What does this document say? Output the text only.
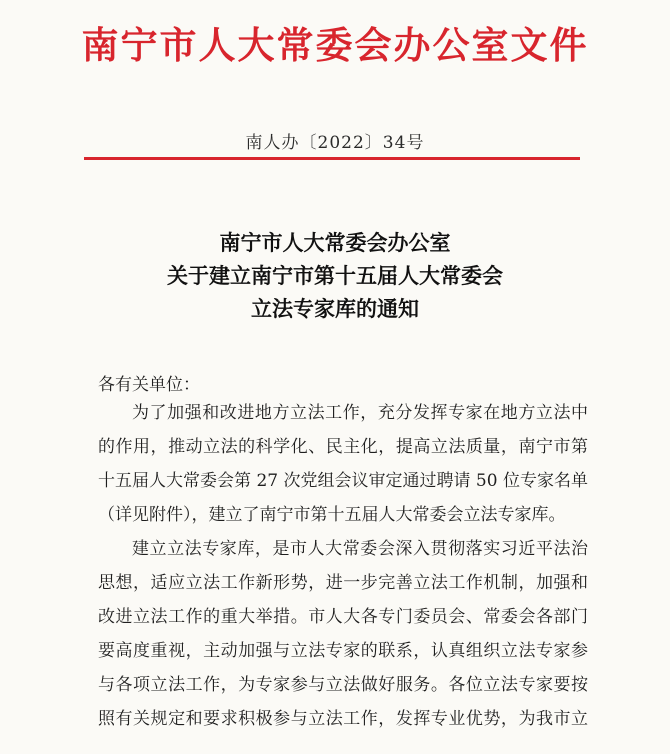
南宁市人大常委会办公室文件
南人办〔2022〕34号
南宁市人大常委会办公室
关于建立南宁市第十五届人大常委会
立法专家库的通知
各有关单位：
为了加强和改进地方立法工作，充分发挥专家在地方立法中
的作用，推动立法的科学化、民主化，提高立法质量，南宁市第
十五届人大常委会第 27 次党组会议审定通过聘请 50 位专家名单
（详见附件），建立了南宁市第十五届人大常委会立法专家库。
建立立法专家库，是市人大常委会深入贯彻落实习近平法治
思想，适应立法工作新形势，进一步完善立法工作机制，加强和
改进立法工作的重大举措。市人大各专门委员会、常委会各部门
要高度重视，主动加强与立法专家的联系，认真组织立法专家参
与各项立法工作，为专家参与立法做好服务。各位立法专家要按
照有关规定和要求积极参与立法工作，发挥专业优势，为我市立
